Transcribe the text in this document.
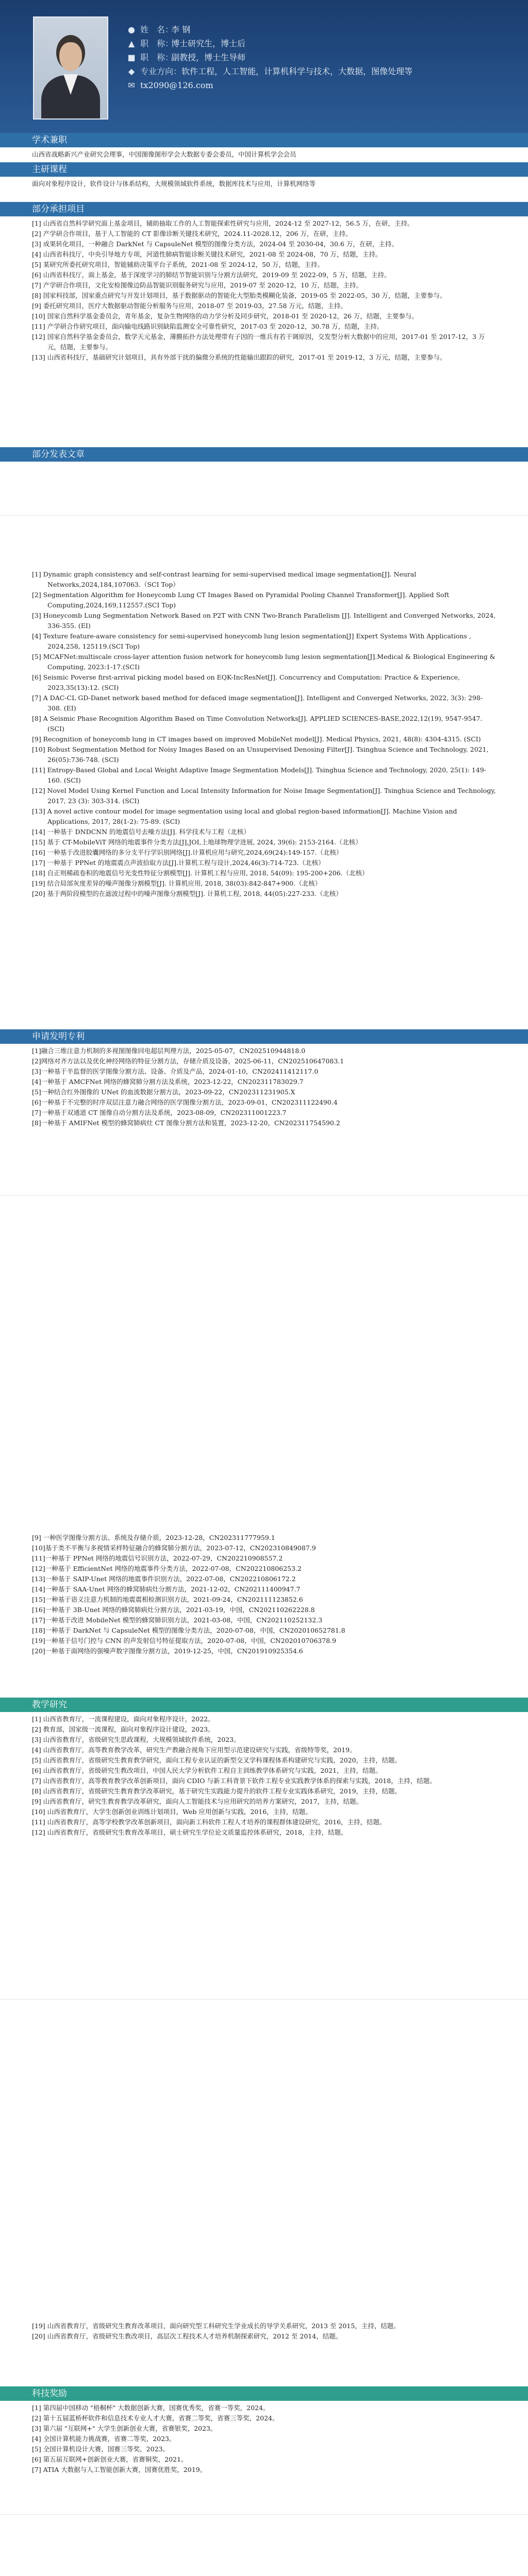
● 姓　名：李 钢
▲ 职　称：博士研究生，博士后
■ 职　称：副教授，博士生导师
◆ 专业方向：软件工程，人工智能，计算机科学与技术，大数据，图像处理等
✉ tx2090@126.com
学术兼职

山西省战略新兴产业研究会理事，中国图像图形学会大数据专委会委员，中国计算机学会会员

主研课程

面向对象程序设计，软件设计与体系结构，大规模领域软件系统，数据库技术与应用，计算机网络等

部分承担项目

[1] 山西省自然科学研究面上基金项目，辅助抽取工作的人工智能探索性研究与应用，2024-12 至 2027-12，56.5 万，在研，主持。

[2] 产学研合作项目，基于人工智能的 CT 影像诊断关键技术研究，2024.11-2028.12，206 万，在研，主持。

[3] 成果转化项目，一种融合 DarkNet 与 CapsuleNet 模型的图像分类方法，2024-04 至 2030-04，30.6 万，在研，主持。

[4] 山西省科技厅，中央引导地方专项，河道性肺病智能诊断关键技术研究，2021-08 至 2024-08，70 万，结题，主持。

[5] 某研究所委托研究项目，智能辅助决策平台子系统，2021-08 至 2024-12，50 万，结题，主持。

[6] 山西省科技厅，面上基金，基于深度学习的肺结节智能识别与分割方法研究，2019-09 至 2022-09，5 万，结题，主持。

[7] 产学研合作项目，文化安检图像边防品智能识别服务研究与应用，2019-07 至 2020-12，10 万，结题，主持。

[8] 国家科技部，国家重点研究与开发计划项目，基于数据驱动的智能化大型胎类模糊化装备，2019-05 至 2022-05，30 万，结题，主要参与。

[9] 委托研究项目，医疗大数据驱动智能分析服务与应用，2018-07 至 2019-03，27.58 万元，结题，主持。

[10] 国家自然科学基金委员会，青年基金，复杂生物网络的动力学分析及同步研究，2018-01 至 2020-12，26 万，结题，主要参与。

[11] 产学研合作研究项目，面向输电线路识别缺陷监测安全可靠性研究，2017-03 至 2020-12，30.78 万，结题，主持。

[12] 国家自然科学基金委员会，数学天元基金，薄膜拓扑方法处理带有子因的一维兵有若干调原因，交发型分析大数据中的应用，2017-01 至 2017-12，3 万元，结题，主要参与。

[13] 山西省科技厅，基础研究计划项目，具有外部干扰的偏微分系统的性能输出跟踪的研究，2017-01 至 2019-12，3 万元，结题，主要参与。

部分发表文章

[1] Dynamic graph consistency and self-contrast learning for semi-supervised medical image segmentation[J]. Neural Networks,2024,184,107063.（SCI Top）

[2] Segmentation Algorithm for Honeycomb Lung CT Images Based on Pyramidal Pooling Channel Transformer[J]. Applied Soft Computing,2024,169,112557.(SCI Top)

[3] Honeycomb Lung Segmentation Network Based on P2T with CNN Two-Branch Parallelism [J]. Intelligent and Converged Networks, 2024, 336-355. (EI)

[4] Texture feature-aware consistency for semi-supervised honeycomb lung lesion segmentation[J] Expert Systems With Applications , 2024,258, 125119.(SCI Top)

[5] MCAFNet:multiscale cross-layer attention fusion network for honeycomb lung lesion segmentation[J].Medical & Biological Engineering & Computing, 2023:1-17.(SCI)

[6] Seismic Poverse first-arrival picking model based on EQK-IncResNet[J]. Concurrency and Computation: Practice & Experience, 2023,35(13):12. (SCI)

[7] A DAC-CL GD-Danet network based method for defaced image segmentation[J]. Intelligent and Converged Networks, 2022, 3(3): 298-308. (EI)

[8] A Seismic Phase Recognition Algorithm Based on Time Convolution Networks[J]. APPLIED SCIENCES-BASE,2022,12(19), 9547-9547.(SCI)

[9] Recognition of honeycomb lung in CT images based on improved MobileNet model[J]. Medical Physics, 2021, 48(8): 4304-4315. (SCI)

[10] Robust Segmentation Method for Noisy Images Based on an Unsupervised Denosing Filter[J]. Tsinghua Science and Technology, 2021, 26(05):736-748. (SCI)

[11] Entropy-Based Global and Local Weight Adaptive Image Segmentation Models[J]. Tsinghua Science and Technology, 2020, 25(1): 149-160. (SCI)

[12] Novel Model Using Kernel Function and Local Intensity Information for Noise Image Segmentation[J]. Tsinghua Science and Technology, 2017, 23 (3): 303-314. (SCI)

[13] A novel active contour model for image segmentation using local and global region-based information[J]. Machine Vision and Applications, 2017, 28(1-2): 75-89. (SCI)

[14] 一种基于 DNDCNN 的地震信号去噪方法[J]. 科学技术与工程（北核）

[15] 基于 CT-MobileViT 网络的地震事件分类方法[J],JOI,上地球物理学进展, 2024, 39(6): 2153-2164.（北核）

[16] 一种基于改进胶囊网络的多分支平行学识别网络[J].计算机应用与研究,2024,69(24):149-157.（北核）

[17] 一种基于 PPNet 的地震震点声波拾取方法[J].计算机工程与设计,2024,46(3):714-723.（北核）

[18] 自正则稀疏卷积的地震信号光变性特征分割模型[J]. 计算机工程与应用, 2018, 54(09): 195-200+206.（北核）

[19] 结合局部灰度差异的噪声图像分割模型[J]. 计算机应用, 2018, 38(03):842-847+900.（北核）

[20] 基于两阶段模型的在滤波过程中的噪声图像分割模型[J]. 计算机工程, 2018, 44(05):227-233.（北核）

申请发明专利

[1]融合三维注意力机制的多视图图像回电超层判理方法，2025-05-07，CN202510944818.0

[2]网络对齐方法以及优化神经网络的特征分割方法，存储介质及设备，2025-06-11，CN202510647083.1

[3]一种基于半监督的医学图像分割方法、设备、介质及产品，2024-01-10，CN202411412117.0

[4]一种基于 AMCFNet 网络的蜂窝肺分割方法及系统，2023-12-22，CN202311783029.7

[5]一种结合红外图像的 UNet 的血流数据分割方法，2023-09-22，CN202311231905.X

[6]一种基于不完整的时序双层注意力融合网络的医学图像分割方法，2023-09-01，CN202311122490.4

[7]一种基于双通道 CT 图像自动分割方法及系统，2023-08-09，CN202311001223.7

[8]一种基于 AMIFNet 模型的蜂窝肺病灶 CT 图像分割方法和装置，2023-12-20，CN202311754590.2

[9] 一种医学图像分割方法、系统及存储介质，2023-12-28，CN202311777959.1

[10]基于类不平衡与多视情采样特征融合的蜂窝肺分割方法，2023-07-12，CN202310849087.9

[11]一种基于 PPNet 网络的地震信号识别方法，2022-07-29，CN202210908557.2

[12]一种基于 EfficientNet 网络的地震事件分类方法，2022-07-08，CN202210806253.2

[13]一种基于 SAIP-Unet 网络的地震事件识别方法，2022-07-08，CN202210806172.2

[14]一种基于 SAA-Unet 网络的蜂窝肺病灶分割方法，2021-12-02，CN202111400947.7

[15]一种基于语义注意力机制的地震震相检测识别方法，2021-09-24，CN202111123852.6

[16]一种基于 3B-Unet 网络的蜂窝肺病灶分割方法，2021-03-19，中国，CN202110262228.8

[17]一种基于改进 MobileNet 模型的蜂窝肺识别方法，2021-03-08，中国，CN202110252132.3

[18]一种基于 DarkNet 与 CapsuleNet 模型的图像分类方法，2020-07-08，中国，CN202010652781.8

[19]一种基于信号门控与 CNN 的声发射信号特征提取方法，2020-07-08，中国，CN202010706378.9

[20]一种基于面网络的强噪声数字图像分割方法，2019-12-25，中国，CN201910925354.6

教学研究

[1] 山西省教育厅，一流课程建设，面向对象程序设计，2022。

[2] 教育部，国家级一流课程，面向对象程序设计建设，2023。

[3] 山西省教育厅，省级研究生思政课程，大规模领域软件系统，2023。

[4] 山西省教育厅，高等教育教学改革，研究生产教融合视角下应用型示范建设研究与实践，省级特等奖，2019。

[5] 山西省教育厅，省级研究生教育教学研究，面向工程专业认证的新型交叉学科课程体系构建研究与实践，2020，主持，结题。

[6] 山西省教育厅，省级研究生教改项目，中国人民大学分析软件工程自主训练教学体系研究与实践，2021，主持，结题。

[7] 山西省教育厅，高等教育教学改革创新项目，面向 CDIO 与新工科背景下软件工程专业实践教学体系的探索与实践，2018，主持，结题。

[8] 山西省教育厅，省级研究生教育教学改革研究，基于研究生实践能力提升的软件工程专业实践体系研究，2019，主持，结题。

[9] 山西省教育厅，研究生教育教学改革研究，面向人工智能技术与应用研究的培养方案研究，2017，主持，结题。

[10] 山西省教育厅，大学生创新创业训练计划项目，Web 应用创新与实践，2016，主持，结题。

[11] 山西省教育厅，高等学校教学改革创新项目，面向新工科软件工程人才培养的课程群体建设研究，2016，主持，结题。

[12] 山西省教育厅，省级研究生教育改革项目，硕士研究生学位论文质量监控体系研究，2018，主持，结题。

[19] 山西省教育厅，省级研究生教育改革项目，面向研究型工科研究生学业成长的导学关系研究，2013 至 2015，主持，结题。

[20] 山西省教育厅，省级研究生教改项目，高层次工程技术人才培养机制探索研究，2012 至 2014，结题。

科技奖励

[1] 第四届中国移动 "梧桐杯" 大数据创新大赛，国赛优秀奖，省赛一等奖，2024。

[2] 第十五届蓝桥杯软件和信息技术专业人才大赛，省赛二等奖，省赛三等奖，2024。

[3] 第六届 "互联网+" 大学生创新创业大赛，省赛银奖，2023。

[4] 全国计算机能力挑战赛，省赛二等奖，2023。

[5] 全国计算机设计大赛，国赛三等奖，2023。

[6] 第五届互联网+创新创业大赛，省赛铜奖，2021。

[7] ATIA 大数据与人工智能创新大赛，国赛优胜奖，2019。
